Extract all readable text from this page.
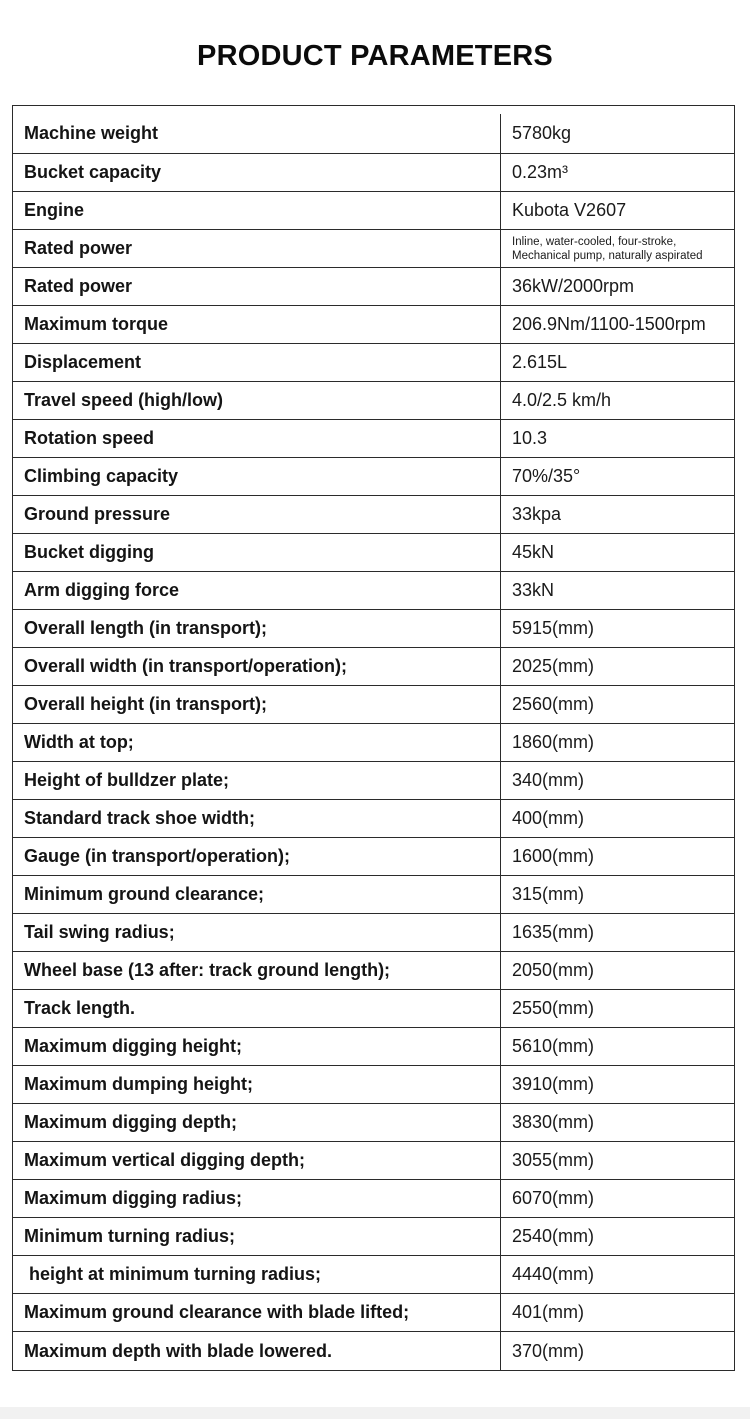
PRODUCT PARAMETERS
Machine weight	5780kg
Bucket capacity	0.23m³
Engine	Kubota V2607
Rated power	Inline, water-cooled, four-stroke, Mechanical pump, naturally aspirated
Rated power	36kW/2000rpm
Maximum torque	206.9Nm/1100-1500rpm
Displacement	2.615L
Travel speed (high/low)	4.0/2.5 km/h
Rotation speed	10.3
Climbing capacity	70%/35°
Ground pressure	33kpa
Bucket digging	45kN
Arm digging force	33kN
Overall length (in transport);	5915(mm)
Overall width (in transport/operation);	2025(mm)
Overall height (in transport);	2560(mm)
Width at top;	1860(mm)
Height of bulldzer plate;	340(mm)
Standard track shoe width;	400(mm)
Gauge (in transport/operation);	1600(mm)
Minimum ground clearance;	315(mm)
Tail swing radius;	1635(mm)
Wheel base (13 after: track ground length);	2050(mm)
Track length.	2550(mm)
Maximum digging height;	5610(mm)
Maximum dumping height;	3910(mm)
Maximum digging depth;	3830(mm)
Maximum vertical digging depth;	3055(mm)
Maximum digging radius;	6070(mm)
Minimum turning radius;	2540(mm)
height at minimum turning radius;	4440(mm)
Maximum ground clearance with blade lifted;	401(mm)
Maximum depth with blade lowered.	370(mm)
